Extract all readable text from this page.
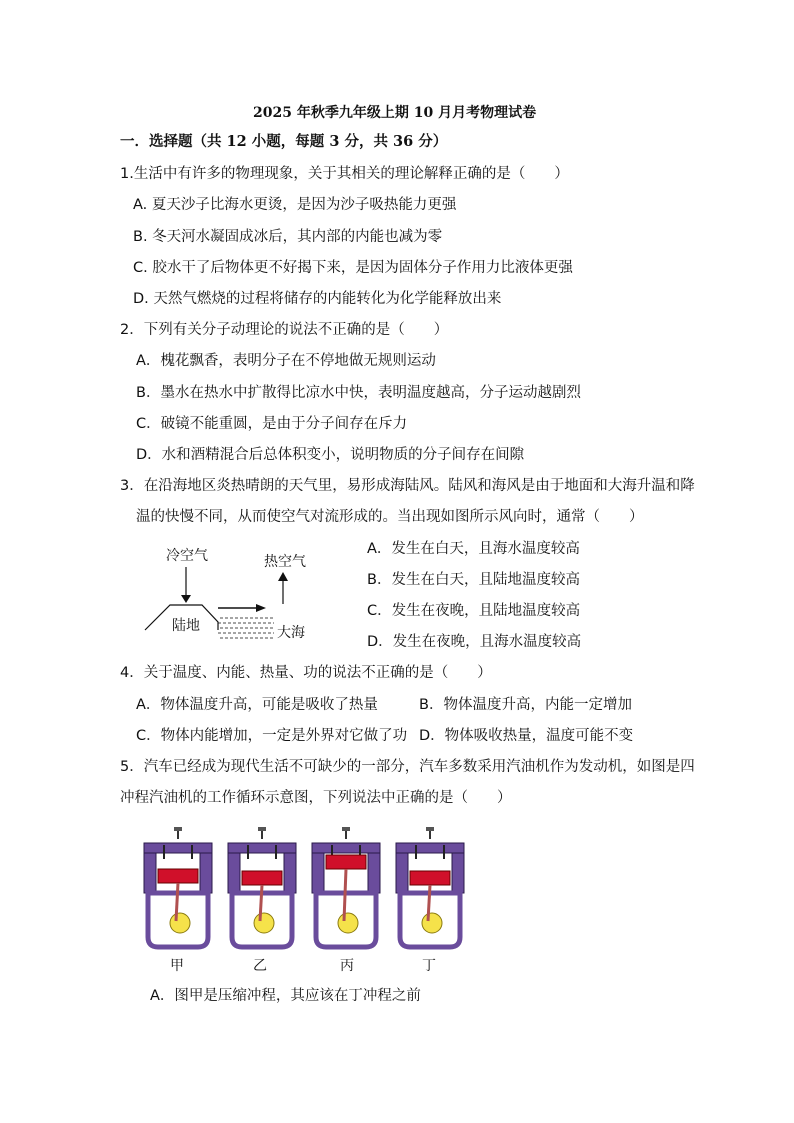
2025 年秋季九年级上期 10 月月考物理试卷
一．选择题（共 12 小题，每题 3 分，共 36 分）
1.生活中有许多的物理现象，关于其相关的理论解释正确的是（　　）
A. 夏天沙子比海水更烫，是因为沙子吸热能力更强
B. 冬天河水凝固成冰后，其内部的内能也减为零
C. 胶水干了后物体更不好揭下来，是因为固体分子作用力比液体更强
D. 天然气燃烧的过程将储存的内能转化为化学能释放出来
2．下列有关分子动理论的说法不正确的是（　　）
A．槐花飘香，表明分子在不停地做无规则运动
B．墨水在热水中扩散得比凉水中快，表明温度越高，分子运动越剧烈
C．破镜不能重圆，是由于分子间存在斥力
D．水和酒精混合后总体积变小，说明物质的分子间存在间隙
3．在沿海地区炎热晴朗的天气里，易形成海陆风。陆风和海风是由于地面和大海升温和降
温的快慢不同，从而使空气对流形成的。当出现如图所示风向时，通常（　　）
冷空气	热空气
陆地	大海
A．发生在白天，且海水温度较高
B．发生在白天，且陆地温度较高
C．发生在夜晚，且陆地温度较高
D．发生在夜晚，且海水温度较高
4．关于温度、内能、热量、功的说法不正确的是（　　）
A．物体温度升高，可能是吸收了热量	B．物体温度升高，内能一定增加
C．物体内能增加，一定是外界对它做了功 D．物体吸收热量，温度可能不变
5．汽车已经成为现代生活不可缺少的一部分，汽车多数采用汽油机作为发动机，如图是四
冲程汽油机的工作循环示意图，下列说法中正确的是（　　）
甲	乙	丙	丁
A．图甲是压缩冲程，其应该在丁冲程之前
